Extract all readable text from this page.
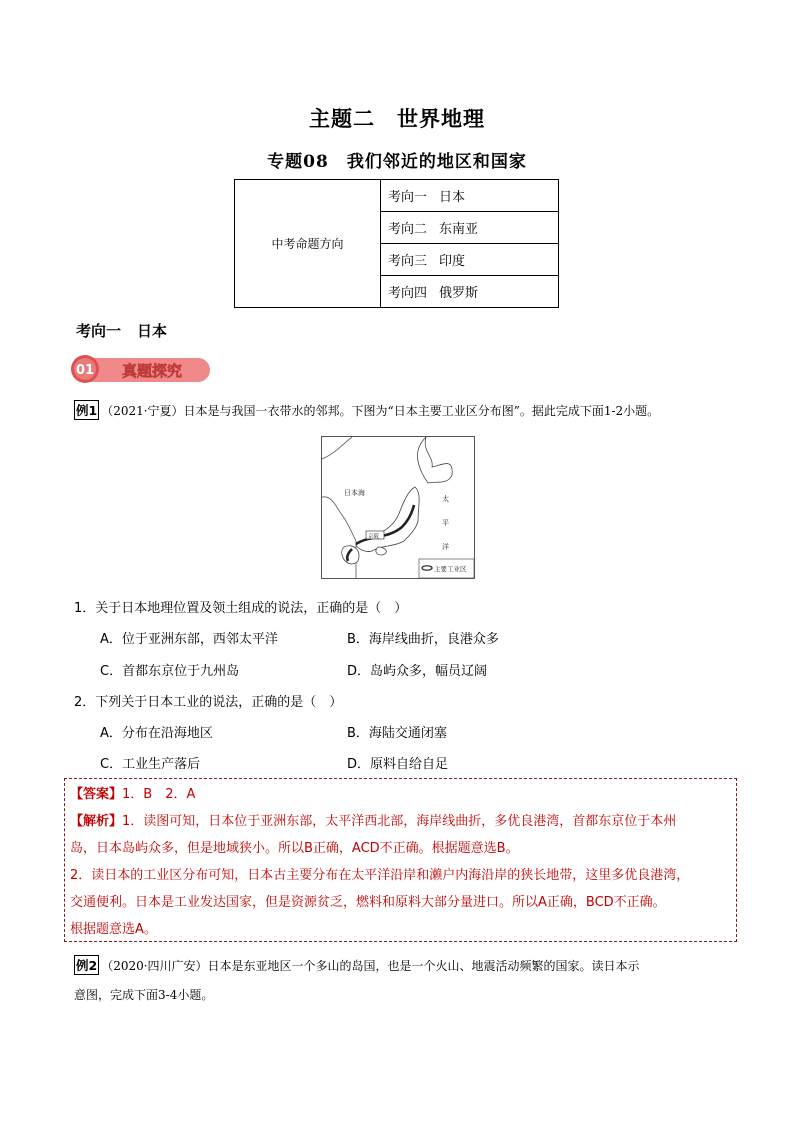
主题二　世界地理
专题08 我们邻近的地区和国家
中考命题方向	考向一 日本
考向二 东南亚
考向三 印度
考向四 俄罗斯
考向一 日本
01 真题探究
例1 （2021·宁夏）日本是与我国一衣带水的邻邦。下图为“日本主要工业区分布图”。据此完成下面1-2小题。
日本海
太
平
洋
京阪
主要工业区
1．关于日本地理位置及领土组成的说法，正确的是（　）
A．位于亚洲东部，西邻太平洋	B．海岸线曲折，良港众多
C．首都东京位于九州岛	D．岛屿众多，幅员辽阔
2．下列关于日本工业的说法，正确的是（　）
A．分布在沿海地区	B．海陆交通闭塞
C．工业生产落后	D．原料自给自足
【答案】1．B　2．A
【解析】1．读图可知，日本位于亚洲东部，太平洋西北部，海岸线曲折，多优良港湾，首都东京位于本州
岛，日本岛屿众多，但是地域狭小。所以B正确，ACD不正确。根据题意选B。
2．读日本的工业区分布可知，日本古主要分布在太平洋沿岸和濑户内海沿岸的狭长地带，这里多优良港湾，
交通便利。日本是工业发达国家，但是资源贫乏，燃料和原料大部分量进口。所以A正确，BCD不正确。
根据题意选A。
例2 （2020·四川广安）日本是东亚地区一个多山的岛国，也是一个火山、地震活动频繁的国家。读日本示
意图，完成下面3-4小题。
